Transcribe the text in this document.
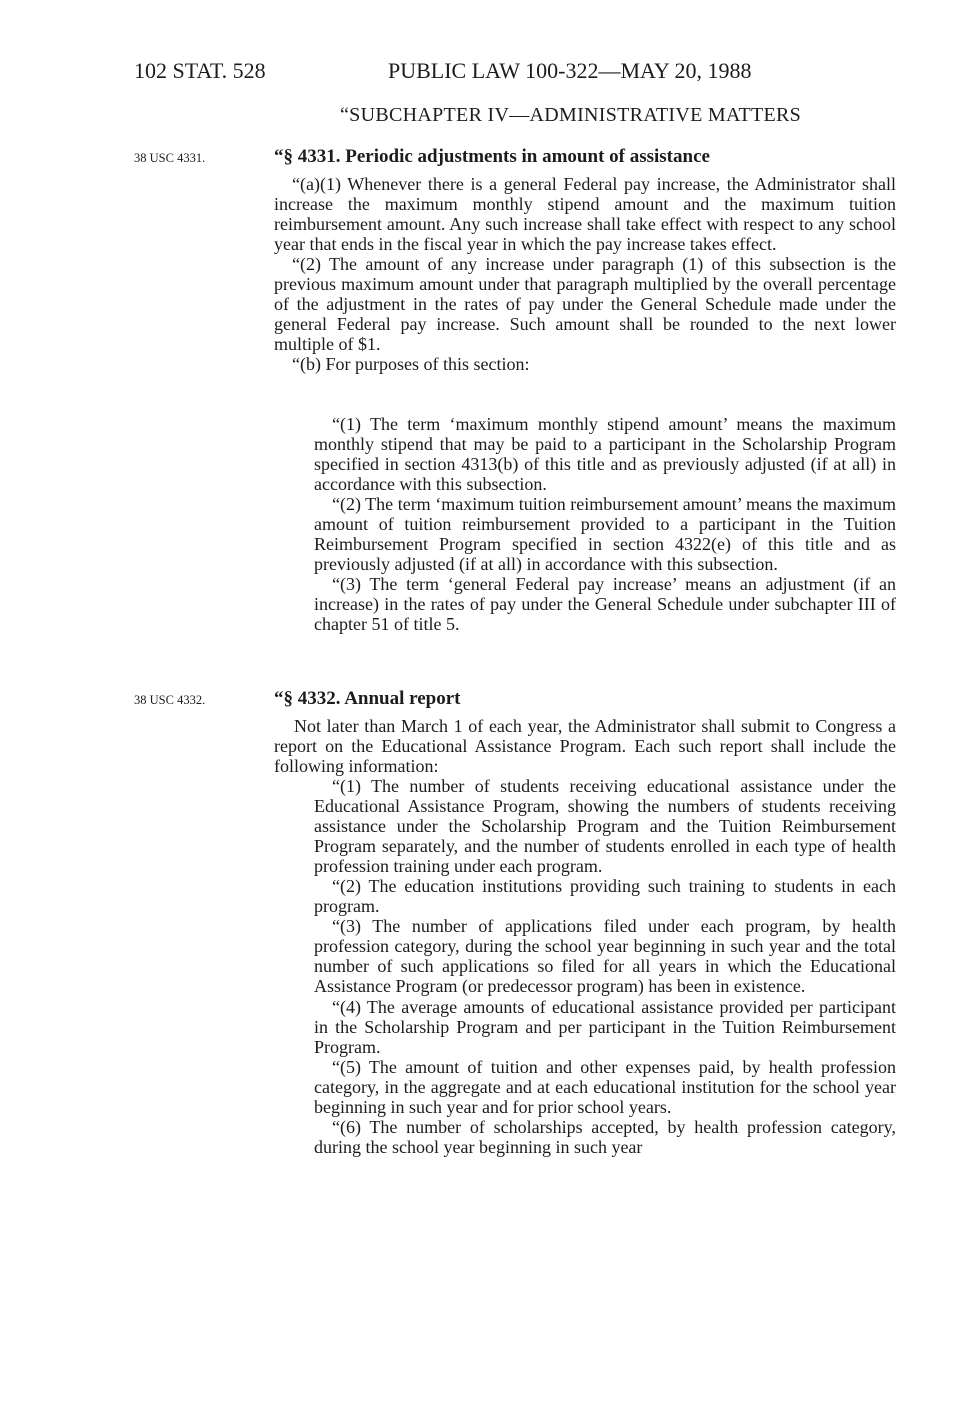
102 STAT. 528	PUBLIC LAW 100-322—MAY 20, 1988
“SUBCHAPTER IV—ADMINISTRATIVE MATTERS
38 USC 4331.	“§ 4331. Periodic adjustments in amount of assistance

“(a)(1) Whenever there is a general Federal pay increase, the Administrator shall increase the maximum monthly stipend amount and the maximum tuition reimbursement amount. Any such increase shall take effect with respect to any school year that ends in the fiscal year in which the pay increase takes effect.

“(2) The amount of any increase under paragraph (1) of this subsection is the previous maximum amount under that paragraph multiplied by the overall percentage of the adjustment in the rates of pay under the General Schedule made under the general Federal pay increase. Such amount shall be rounded to the next lower multiple of $1.

“(b) For purposes of this section:

“(1) The term ‘maximum monthly stipend amount’ means the maximum monthly stipend that may be paid to a participant in the Scholarship Program specified in section 4313(b) of this title and as previously adjusted (if at all) in accordance with this subsection.

“(2) The term ‘maximum tuition reimbursement amount’ means the maximum amount of tuition reimbursement provided to a participant in the Tuition Reimbursement Program specified in section 4322(e) of this title and as previously adjusted (if at all) in accordance with this subsection.

“(3) The term ‘general Federal pay increase’ means an adjustment (if an increase) in the rates of pay under the General Schedule under subchapter III of chapter 51 of title 5.

38 USC 4332.	“§ 4332. Annual report

Not later than March 1 of each year, the Administrator shall submit to Congress a report on the Educational Assistance Program. Each such report shall include the following information:

“(1) The number of students receiving educational assistance under the Educational Assistance Program, showing the numbers of students receiving assistance under the Scholarship Program and the Tuition Reimbursement Program separately, and the number of students enrolled in each type of health profession training under each program.

“(2) The education institutions providing such training to students in each program.

“(3) The number of applications filed under each program, by health profession category, during the school year beginning in such year and the total number of such applications so filed for all years in which the Educational Assistance Program (or predecessor program) has been in existence.

“(4) The average amounts of educational assistance provided per participant in the Scholarship Program and per participant in the Tuition Reimbursement Program.

“(5) The amount of tuition and other expenses paid, by health profession category, in the aggregate and at each educational institution for the school year beginning in such year and for prior school years.

“(6) The number of scholarships accepted, by health profession category, during the school year beginning in such year
